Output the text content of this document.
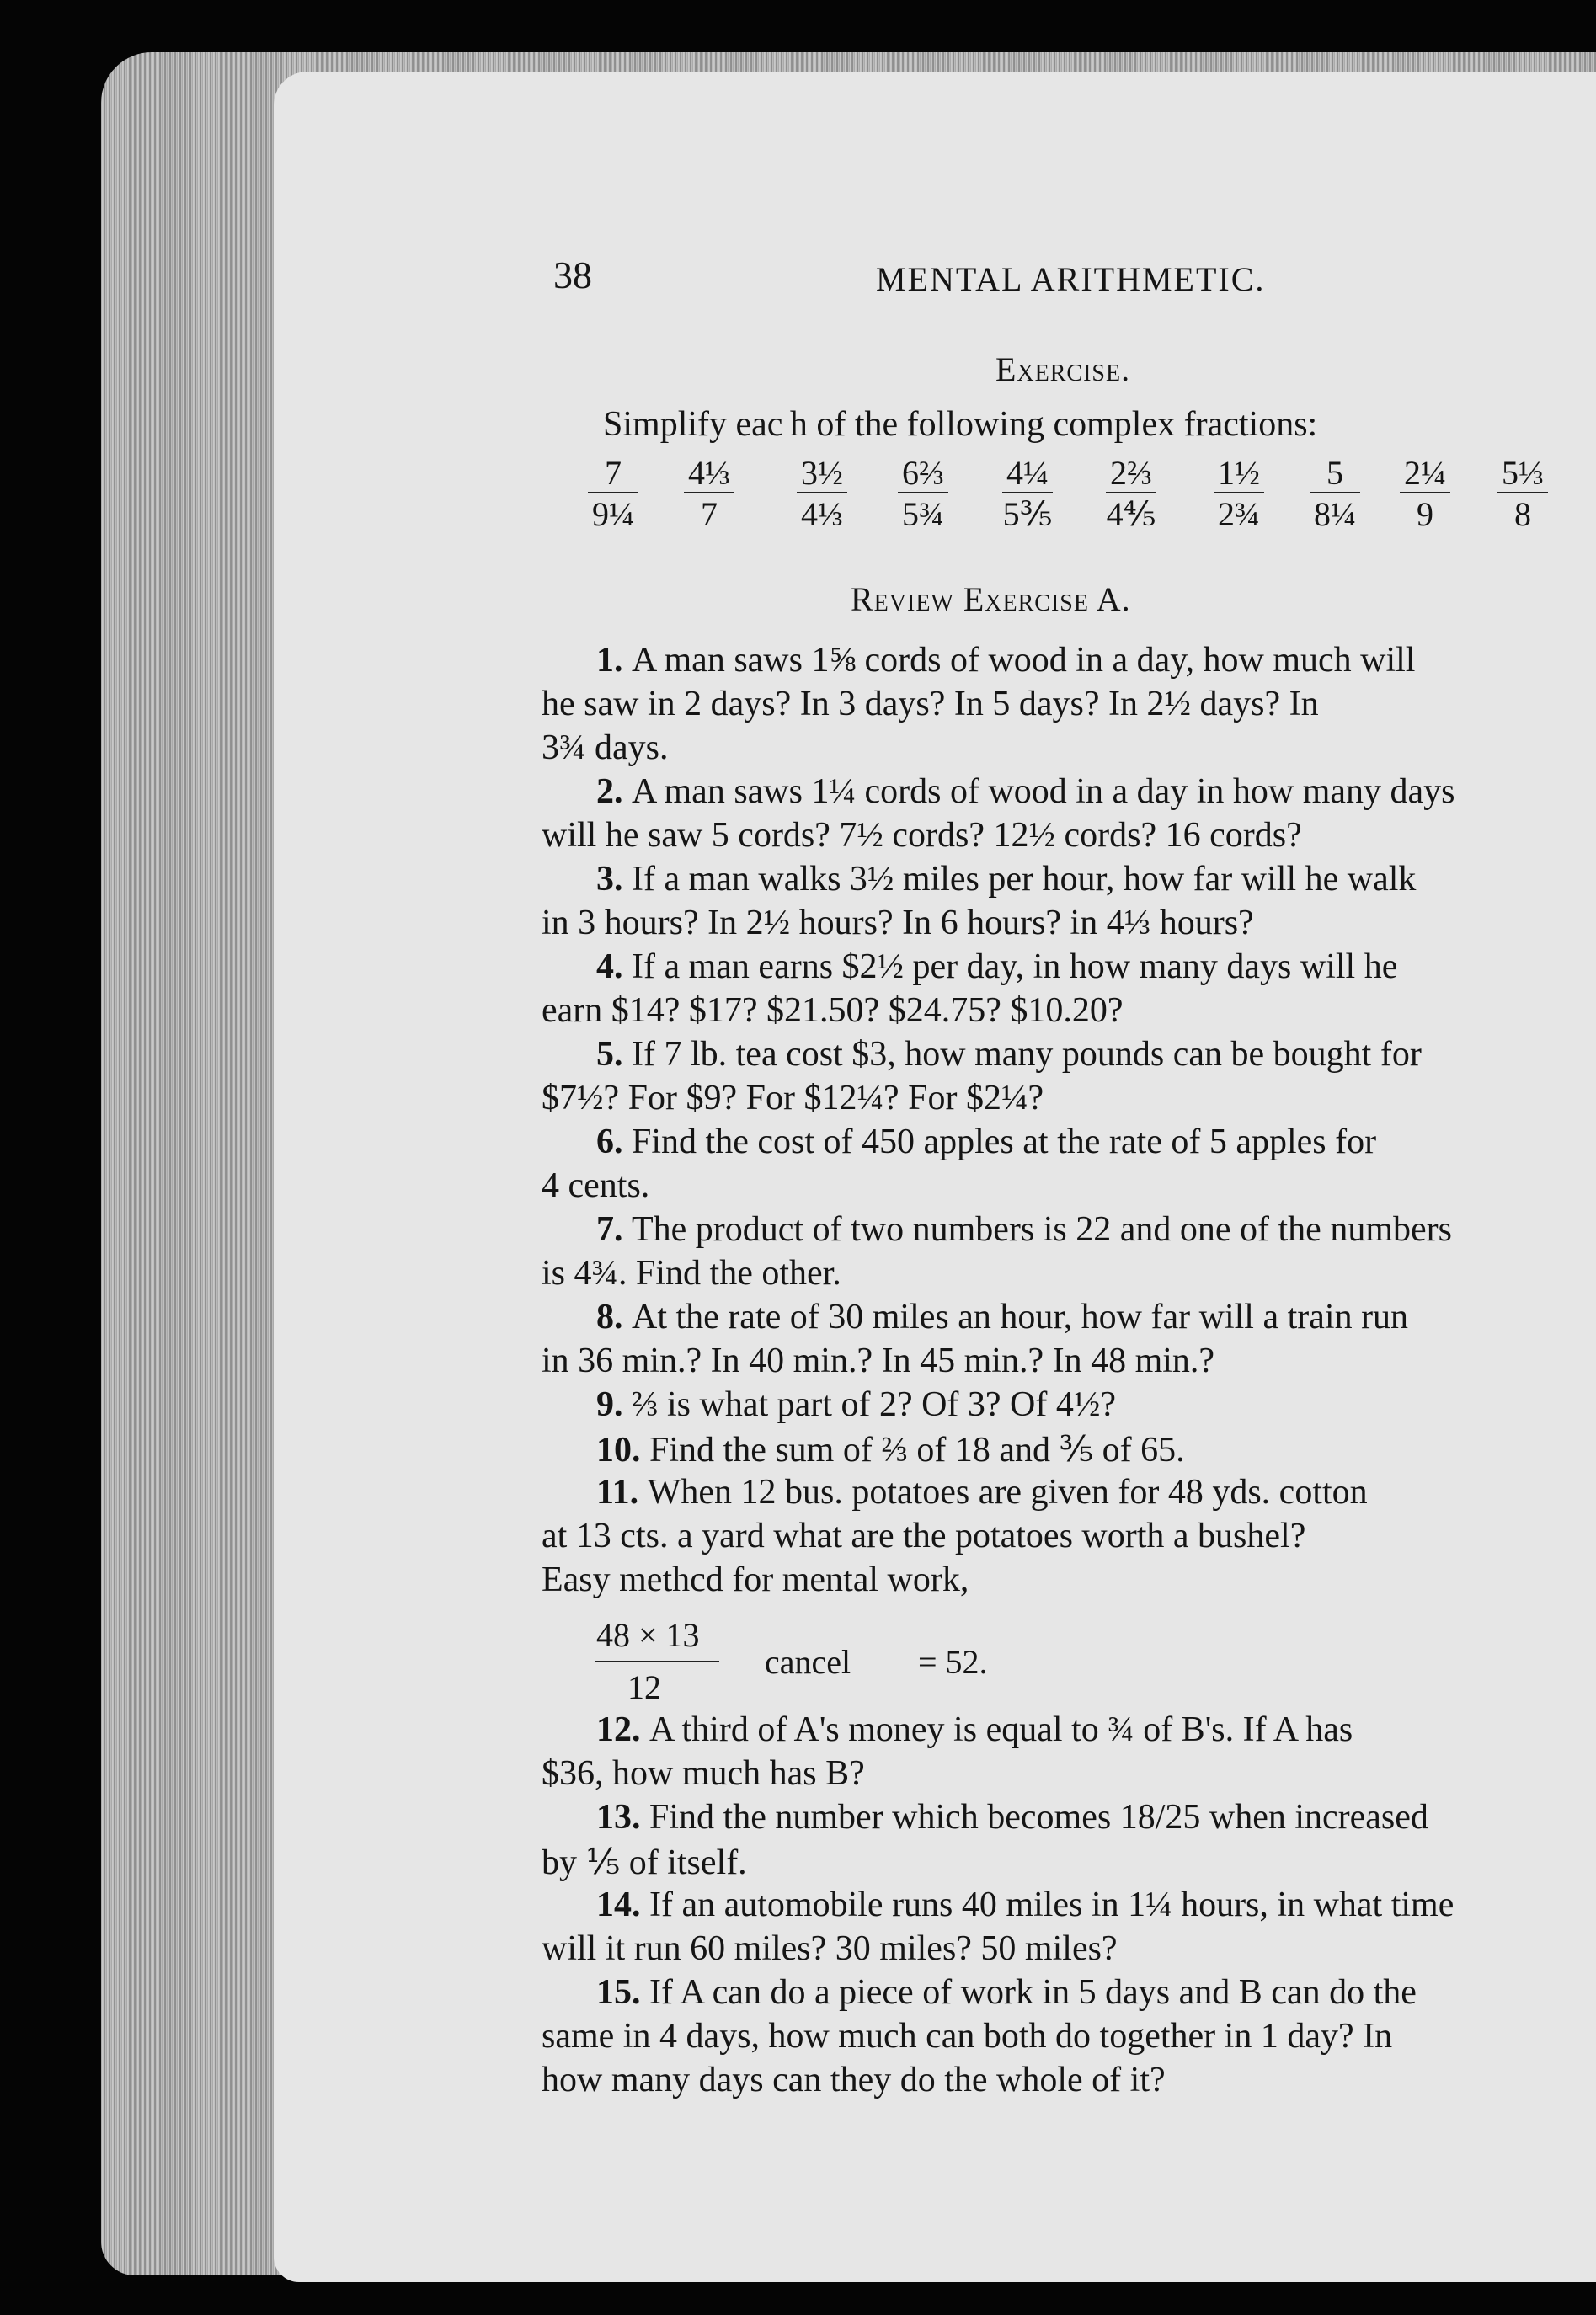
38	MENTAL ARITHMETIC.
Exercise.
Simplify eac h of the following complex fractions:
$\frac{7}{\text{9¼}} \frac{\text{4⅓}}{7} \frac{\text{3½}}{\text{4⅓}} \frac{\text{6⅔}}{\text{5¾}} \frac{\text{4¼}}{\text{5⅗}} \frac{\text{2⅔}}{\text{4⅘}} \frac{\text{1½}}{\text{2¾}} \frac{5}{\text{8¼}} \frac{\text{2¼}}{9} \frac{\text{5⅓}}{8}$
Review Exercise A.
1. A man saws 1⅝ cords of wood in a day, how much will
he saw in 2 days? In 3 days? In 5 days? In 2½ days? In
3¾ days.
2. A man saws 1¼ cords of wood in a day in how many days
will he saw 5 cords? 7½ cords? 12½ cords? 16 cords?
3. If a man walks 3½ miles per hour, how far will he walk
in 3 hours? In 2½ hours? In 6 hours? in 4⅓ hours?
4. If a man earns $2½ per day, in how many days will he
earn $14? $17? $21.50? $24.75? $10.20?
5. If 7 lb. tea cost $3, how many pounds can be bought for
$7½? For $9? For $12¼? For $2¼?
6. Find the cost of 450 apples at the rate of 5 apples for
4 cents.
7. The product of two numbers is 22 and one of the numbers
is 4¾. Find the other.
8. At the rate of 30 miles an hour, how far will a train run
in 36 min.? In 40 min.? In 45 min.? In 48 min.?
9. ⅔ is what part of 2? Of 3? Of 4½?
10. Find the sum of ⅔ of 18 and ⅗ of 65.
11. When 12 bus. potatoes are given for 48 yds. cotton
at 13 cts. a yard what are the potatoes worth a bushel?
Easy methcd for mental work,
48 × 13
12
cancel = 52.
12. A third of A's money is equal to ¾ of B's. If A has
$36, how much has B?
13. Find the number which becomes 18/25 when increased
by ⅕ of itself.
14. If an automobile runs 40 miles in 1¼ hours, in what time
will it run 60 miles? 30 miles? 50 miles?
15. If A can do a piece of work in 5 days and B can do the
same in 4 days, how much can both do together in 1 day? In
how many days can they do the whole of it?
